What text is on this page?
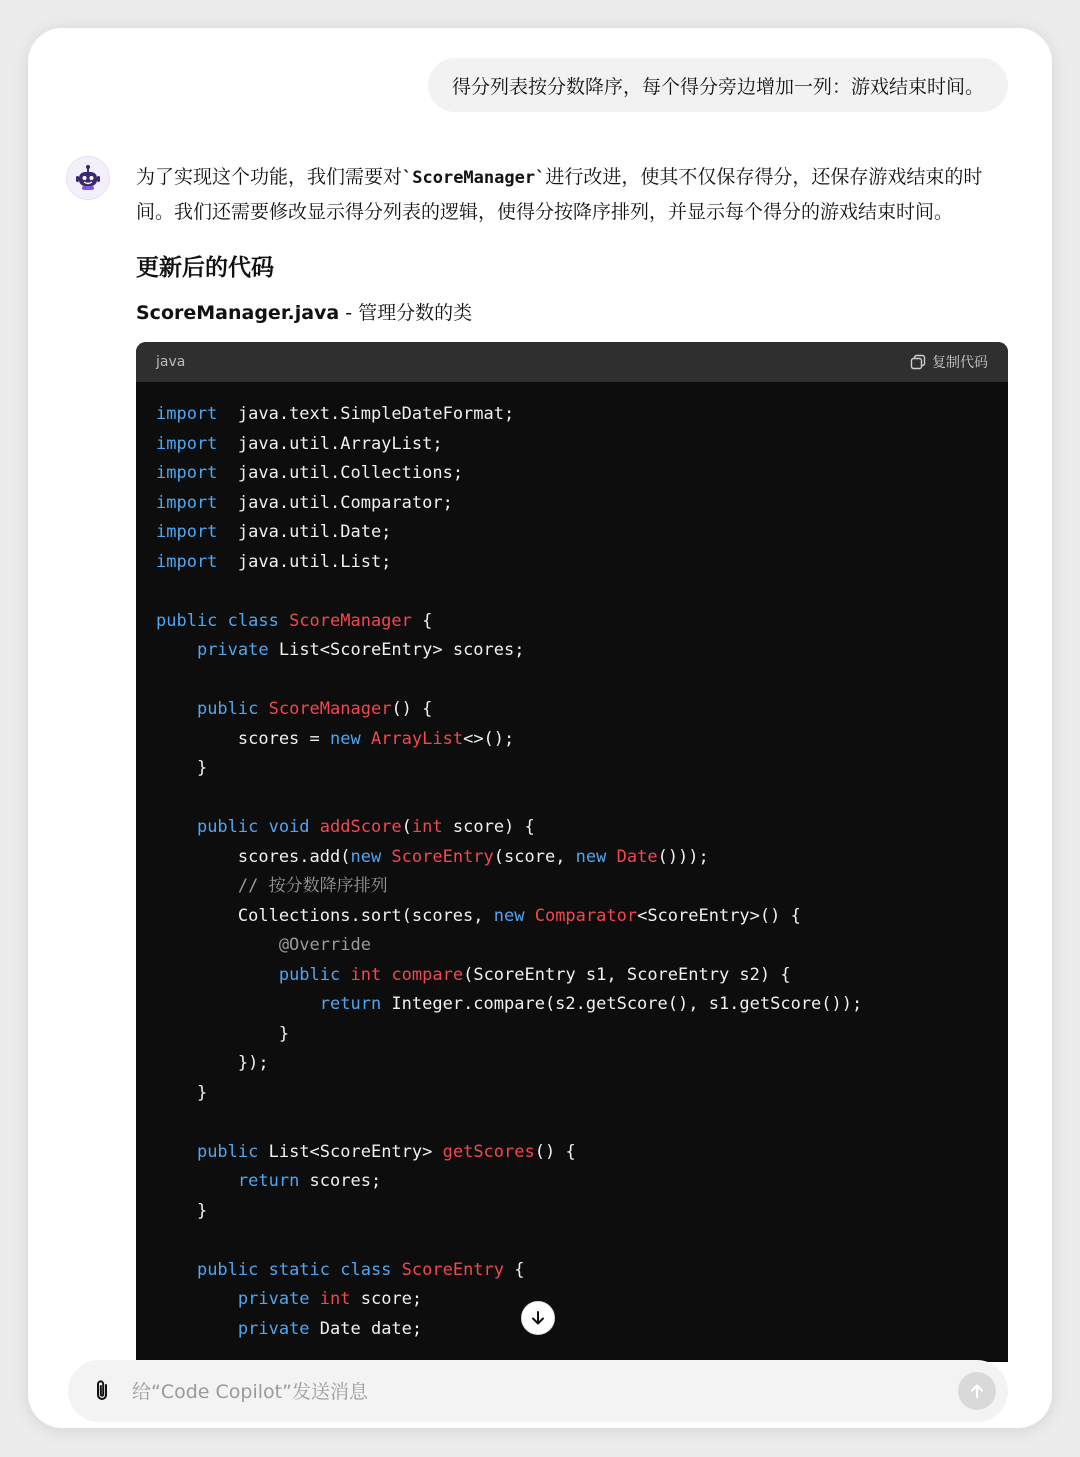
得分列表按分数降序，每个得分旁边增加一列：游戏结束时间。

为了实现这个功能，我们需要对`ScoreManager`进行改进，使其不仅保存得分，还保存游戏结束的时间。我们还需要修改显示得分列表的逻辑，使得分按降序排列，并显示每个得分的游戏结束时间。

更新后的代码
ScoreManager.java - 管理分数的类
java	复制代码
import  java.text.SimpleDateFormat;
import  java.util.ArrayList;
import  java.util.Collections;
import  java.util.Comparator;
import  java.util.Date;
import  java.util.List;
public class ScoreManager {
private List<ScoreEntry> scores;
public ScoreManager() {
scores = new ArrayList<>();
}
public void addScore(int score) {
scores.add(new ScoreEntry(score, new Date()));
// 按分数降序排列
Collections.sort(scores, new Comparator<ScoreEntry>() {
@Override
public int compare(ScoreEntry s1, ScoreEntry s2) {
return Integer.compare(s2.getScore(), s1.getScore());
}
});
}
public List<ScoreEntry> getScores() {
return scores;
}
public static class ScoreEntry {
private int score;
private Date date;
给“Code Copilot”发送消息
